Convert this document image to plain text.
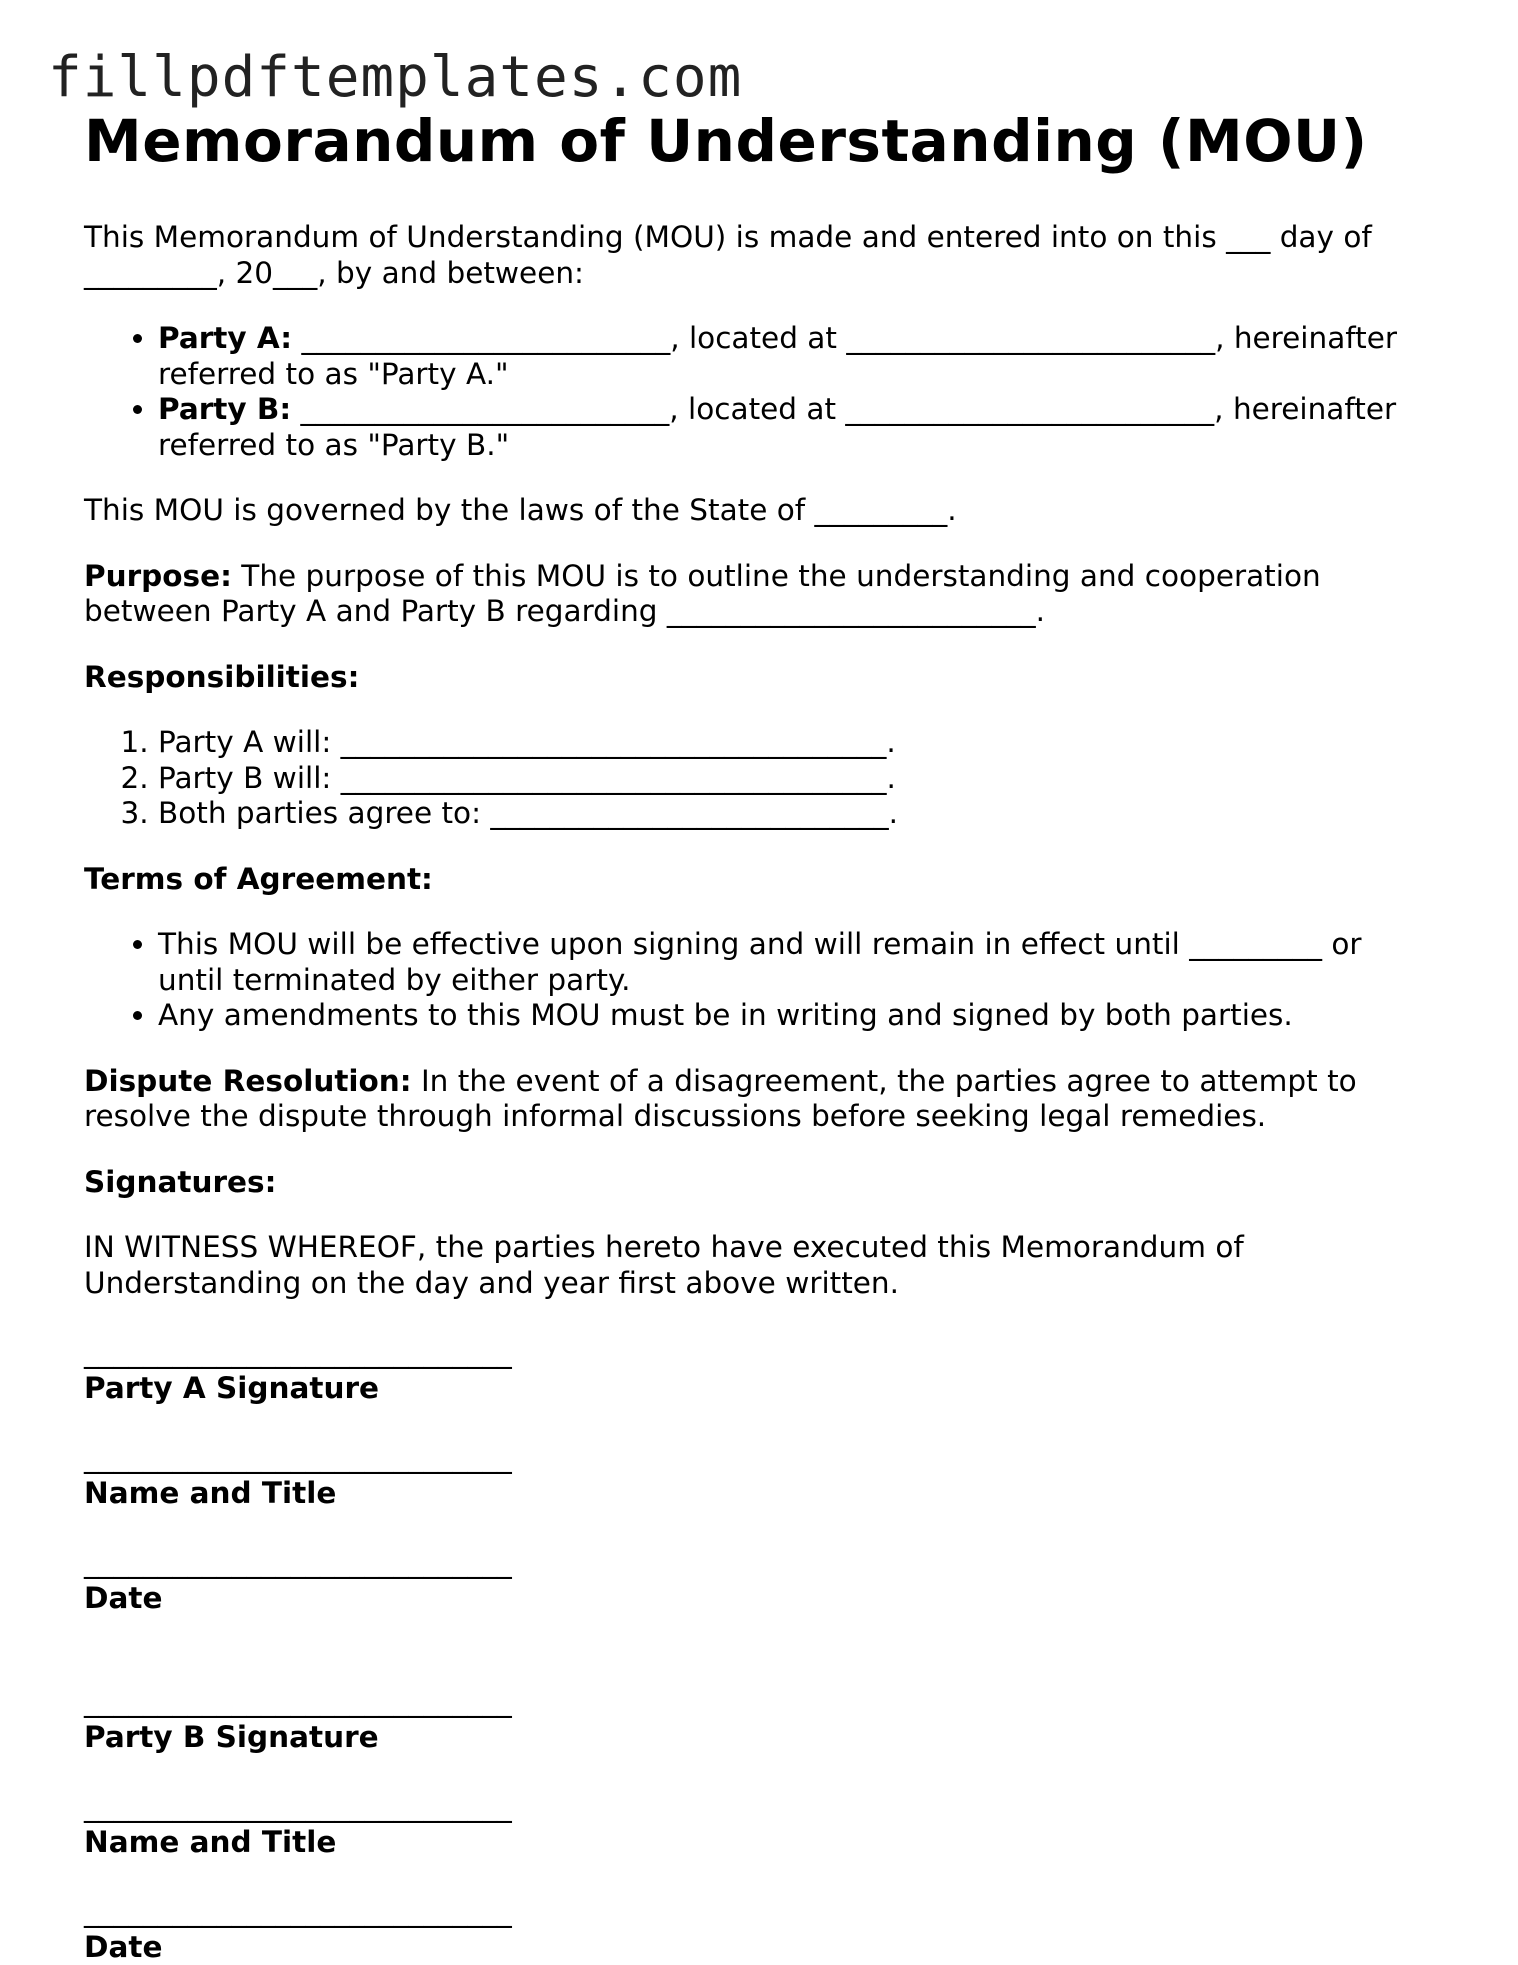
fillpdftemplates.com
Memorandum of Understanding (MOU)

This Memorandum of Understanding (MOU) is made and entered into on this ___ day of _________, 20___, by and between:

• Party A: _________________________, located at _________________________, hereinafter referred to as "Party A."
• Party B: _________________________, located at _________________________, hereinafter referred to as "Party B."

This MOU is governed by the laws of the State of _________.

Purpose: The purpose of this MOU is to outline the understanding and cooperation between Party A and Party B regarding _________________________.

Responsibilities:

1. Party A will: _____________________________________.
2. Party B will: _____________________________________.
3. Both parties agree to: ___________________________.

Terms of Agreement:

• This MOU will be effective upon signing and will remain in effect until _________ or until terminated by either party.
• Any amendments to this MOU must be in writing and signed by both parties.

Dispute Resolution: In the event of a disagreement, the parties agree to attempt to resolve the dispute through informal discussions before seeking legal remedies.

Signatures:

IN WITNESS WHEREOF, the parties hereto have executed this Memorandum of Understanding on the day and year first above written.

_____________________________
Party A Signature
_____________________________
Name and Title
_____________________________
Date
_____________________________
Party B Signature
_____________________________
Name and Title
_____________________________
Date
